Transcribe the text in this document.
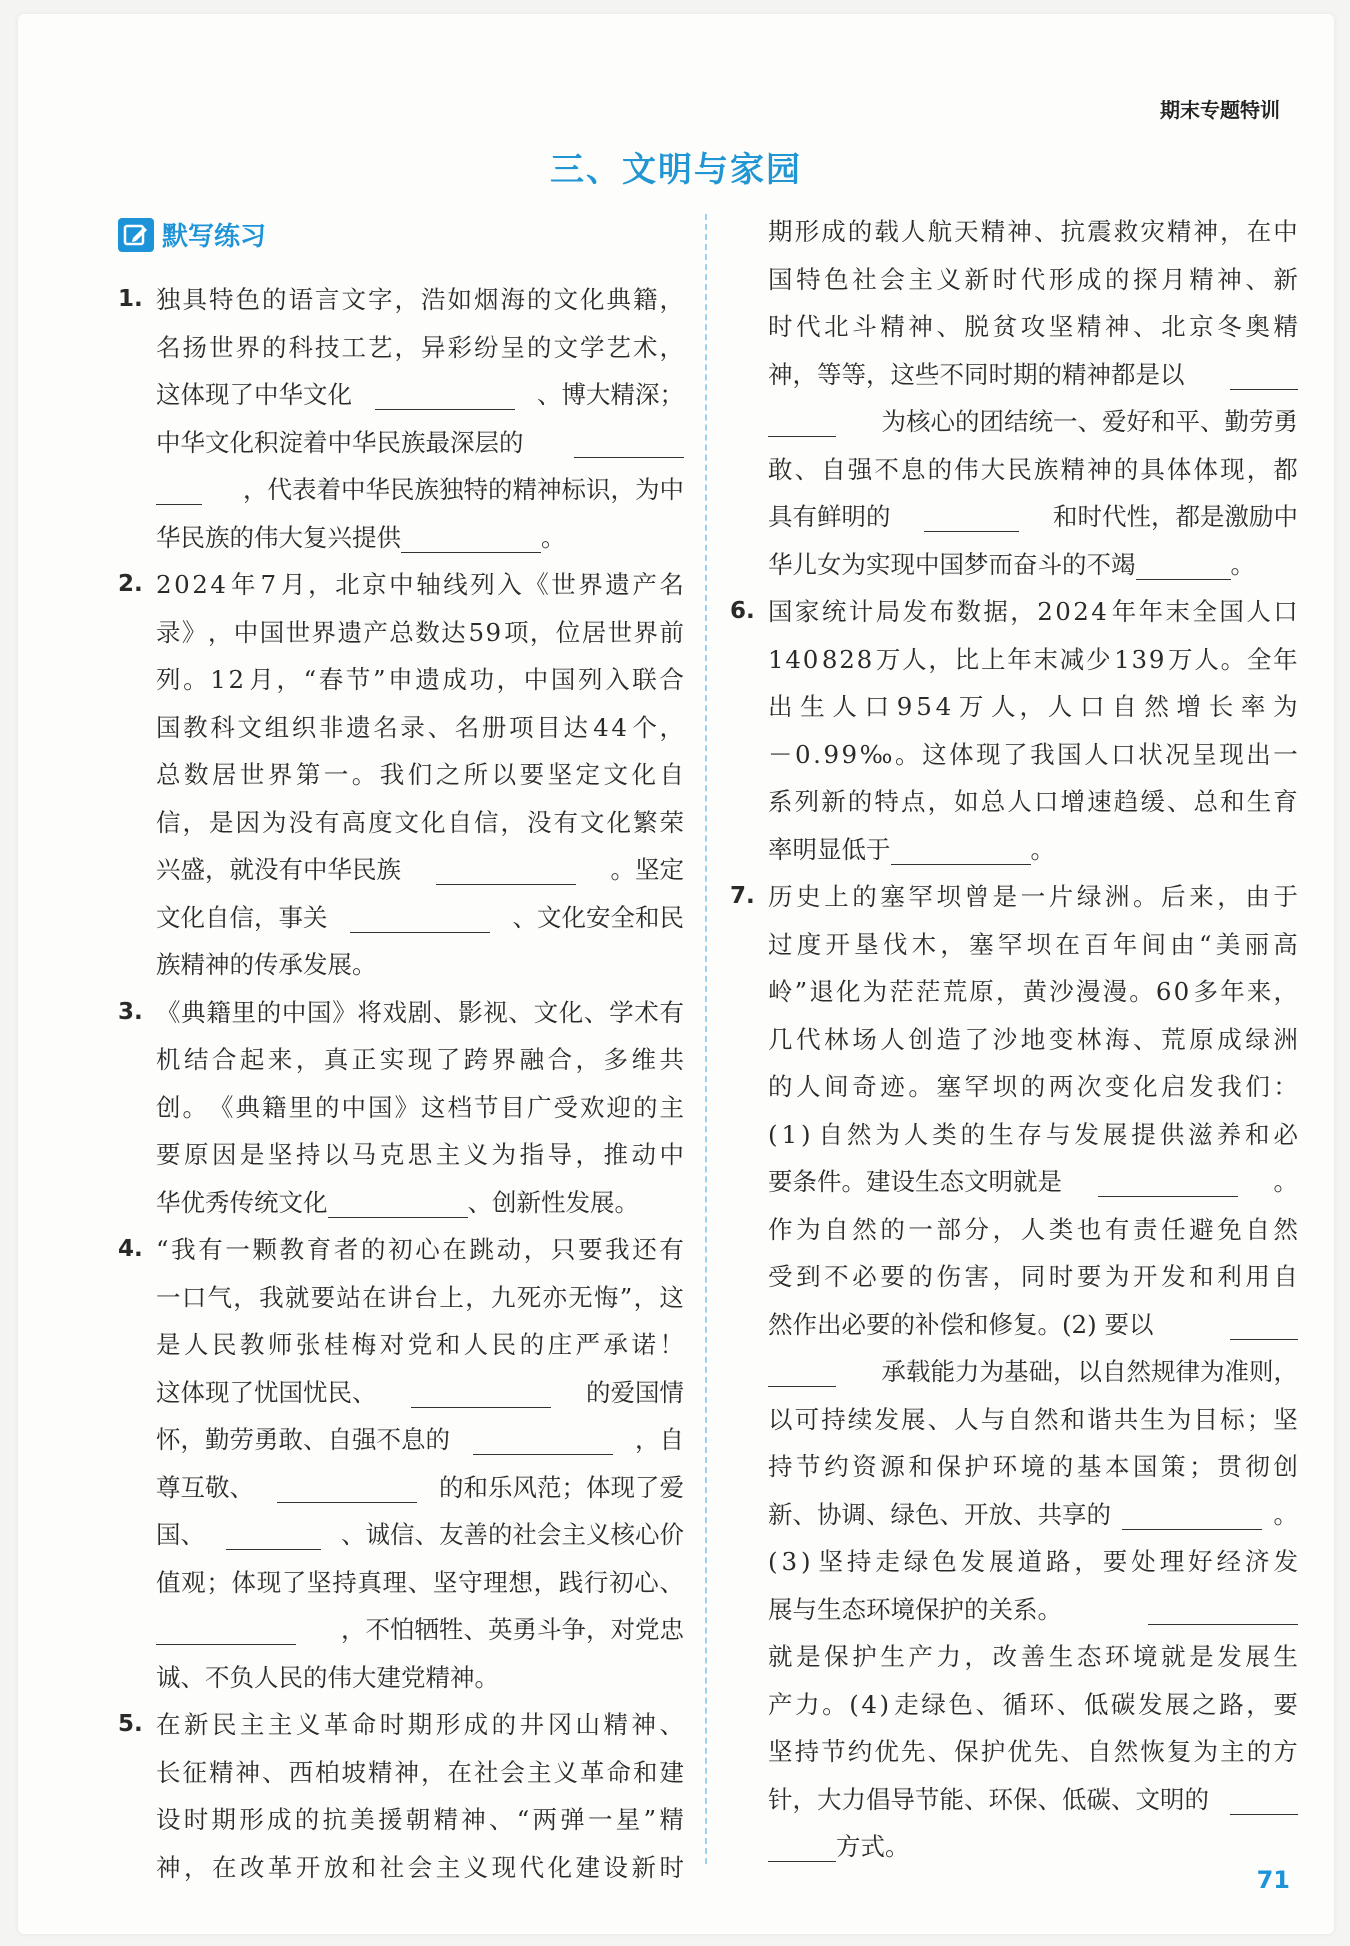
期末专题特训
三、文明与家园
默写练习
1. 独 具 特 色 的 语 言 文 字 ， 浩 如 烟 海 的 文 化 典 籍 ，
名 扬 世 界 的 科 技 工 艺 ， 异 彩 纷 呈 的 文 学 艺 术 ，
这体现了中华文化	、博大精深；
中华文化积淀着中华民族最深层的
，代表着中华民族独特的精神标识，为中
华民族的伟大复兴提供	。
2. 2 0 2 4 年 7 月 ， 北 京 中 轴 线 列 入 《 世 界 遗 产 名
录 》 ， 中 国 世 界 遗 产 总 数 达 5 9 项 ， 位 居 世 界 前
列 。 1 2 月 ， “ 春 节 ” 申 遗 成 功 ， 中 国 列 入 联 合
国 教 科 文 组 织 非 遗 名 录 、 名 册 项 目 达 4 4 个 ，
总 数 居 世 界 第 一 。 我 们 之 所 以 要 坚 定 文 化 自
信 ， 是 因 为 没 有 高 度 文 化 自 信 ， 没 有 文 化 繁 荣
兴盛，就没有中华民族	。坚定
文化自信，事关	、文化安全和民
族精神的传承发展。
3. 《 典 籍 里 的 中 国 》 将 戏 剧 、 影 视 、 文 化 、 学 术 有
机 结 合 起 来 ， 真 正 实 现 了 跨 界 融 合 ， 多 维 共
创 。 《 典 籍 里 的 中 国 》 这 档 节 目 广 受 欢 迎 的 主
要 原 因 是 坚 持 以 马 克 思 主 义 为 指 导 ， 推 动 中
华优秀传统文化	、创新性发展。
4. “ 我 有 一 颗 教 育 者 的 初 心 在 跳 动 ， 只 要 我 还 有
一 口 气 ， 我 就 要 站 在 讲 台 上 ， 九 死 亦 无 悔 ” ， 这
是 人 民 教 师 张 桂 梅 对 党 和 人 民 的 庄 严 承 诺 ！
这体现了忧国忧民、	的爱国情
怀，勤劳勇敢、自强不息的	，自
尊互敬、	的和乐风范；体现了爱
国、	、诚信、友善的社会主义核心价
值 观 ； 体 现 了 坚 持 真 理 、 坚 守 理 想 ， 践 行 初 心 、
，不怕牺牲、英勇斗争，对党忠
诚、不负人民的伟大建党精神。
5. 在 新 民 主 主 义 革 命 时 期 形 成 的 井 冈 山 精 神 、
长 征 精 神 、 西 柏 坡 精 神 ， 在 社 会 主 义 革 命 和 建
设 时 期 形 成 的 抗 美 援 朝 精 神 、 “ 两 弹 一 星 ” 精
神 ， 在 改 革 开 放 和 社 会 主 义 现 代 化 建 设 新 时
期 形 成 的 载 人 航 天 精 神 、 抗 震 救 灾 精 神 ， 在 中
国 特 色 社 会 主 义 新 时 代 形 成 的 探 月 精 神 、 新
时 代 北 斗 精 神 、 脱 贫 攻 坚 精 神 、 北 京 冬 奥 精
神，等等，这些不同时期的精神都是以
为核心的团结统一、爱好和平、勤劳勇
敢 、 自 强 不 息 的 伟 大 民 族 精 神 的 具 体 体 现 ， 都
具有鲜明的	和时代性，都是激励中
华儿女为实现中国梦而奋斗的不竭	。
6. 国 家 统 计 局 发 布 数 据 ， 2 0 2 4 年 年 末 全 国 人 口
1 4 0 8 2 8 万 人 ， 比 上 年 末 减 少 1 3 9 万 人 。 全 年
出 生 人 口 9 5 4 万 人 ， 人 口 自 然 增 长 率 为
－ 0 . 9 9 ‰ 。 这 体 现 了 我 国 人 口 状 况 呈 现 出 一
系 列 新 的 特 点 ， 如 总 人 口 增 速 趋 缓 、 总 和 生 育
率明显低于	。
7. 历 史 上 的 塞 罕 坝 曾 是 一 片 绿 洲 。 后 来 ， 由 于
过 度 开 垦 伐 木 ， 塞 罕 坝 在 百 年 间 由 “ 美 丽 高
岭 ” 退 化 为 茫 茫 荒 原 ， 黄 沙 漫 漫 。 6 0 多 年 来 ，
几 代 林 场 人 创 造 了 沙 地 变 林 海 、 荒 原 成 绿 洲
的 人 间 奇 迹 。 塞 罕 坝 的 两 次 变 化 启 发 我 们 ：
( 1 ) 自 然 为 人 类 的 生 存 与 发 展 提 供 滋 养 和 必
要条件。建设生态文明就是	。
作 为 自 然 的 一 部 分 ， 人 类 也 有 责 任 避 免 自 然
受 到 不 必 要 的 伤 害 ， 同 时 要 为 开 发 和 利 用 自
然作出必要的补偿和修复。(2) 要以
承载能力为基础，以自然规律为准则，
以 可 持 续 发 展 、 人 与 自 然 和 谐 共 生 为 目 标 ； 坚
持 节 约 资 源 和 保 护 环 境 的 基 本 国 策 ； 贯 彻 创
新、协调、绿色、开放、共享的	。
( 3 ) 坚 持 走 绿 色 发 展 道 路 ， 要 处 理 好 经 济 发
展与生态环境保护的关系。
就 是 保 护 生 产 力 ， 改 善 生 态 环 境 就 是 发 展 生
产 力 。 ( 4 ) 走 绿 色 、 循 环 、 低 碳 发 展 之 路 ， 要
坚 持 节 约 优 先 、 保 护 优 先 、 自 然 恢 复 为 主 的 方
针，大力倡导节能、环保、低碳、文明的
方式。
71
